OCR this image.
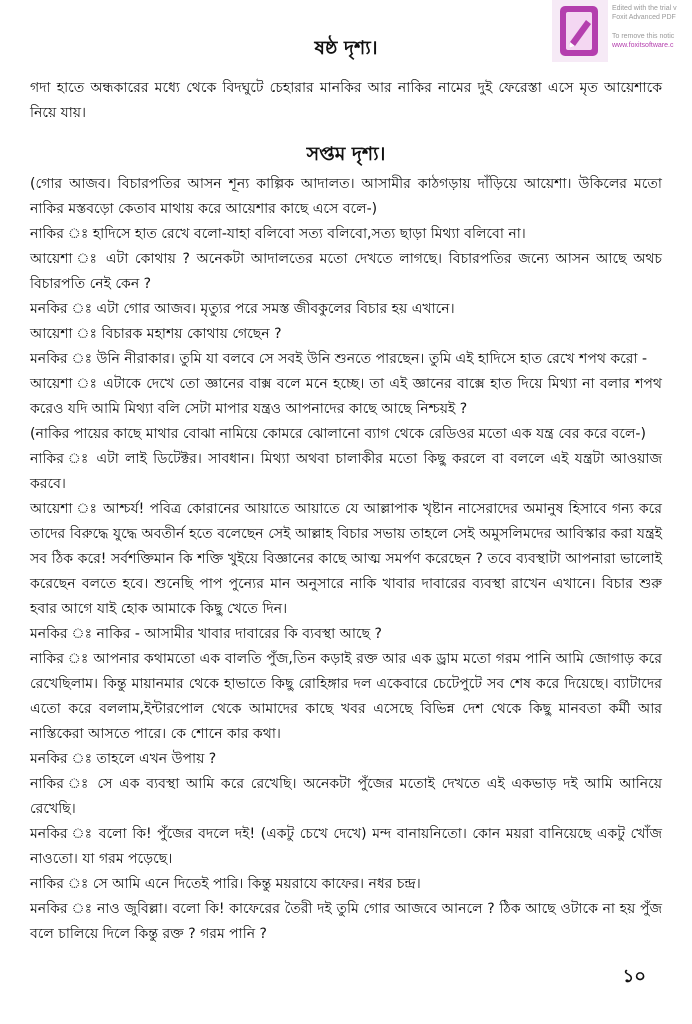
Edited with the trial v
Foxit Advanced PDF
To remove this notic
www.foxitsoftware.c
ষষ্ঠ দৃশ্য।

গদা হাতে অন্ধকারের মধ্যে থেকে বিদঘুটে চেহারার মানকির আর নাকির নামের দুই ফেরেস্তা এসে মৃত আয়েশাকে নিয়ে যায়।

সপ্তম দৃশ্য।

(গোর আজব। বিচারপতির আসন শূন্য কাল্পিক আদালত। আসামীর কাঠগড়ায় দাঁড়িয়ে আয়েশা। উকিলের মতো নাকির মস্তবড়ো কেতাব মাথায় করে আয়েশার কাছে এসে বলে-)

নাকির ঃ হাদিসে হাত রেখে বলো-যাহা বলিবো সত্য বলিবো,সত্য ছাড়া মিথ্যা বলিবো না।

আয়েশা ঃ এটা কোথায় ? অনেকটা আদালতের মতো দেখতে লাগছে। বিচারপতির জন্যে আসন আছে অথচ বিচারপতি নেই কেন ?

মনকির ঃ এটা গোর আজব। মৃত্যুর পরে সমস্ত জীবকুলের বিচার হয় এখানে।

আয়েশা ঃ বিচারক মহাশয় কোথায় গেছেন ?

মনকির ঃ উনি নীরাকার। তুমি যা বলবে সে সবই উনি শুনতে পারছেন। তুমি এই হাদিসে হাত রেখে শপথ করো -

আয়েশা ঃ এটাকে দেখে তো জ্ঞানের বাক্স বলে মনে হচ্ছে। তা এই জ্ঞানের বাক্সে হাত দিয়ে মিথ্যা না বলার শপথ করেও যদি আমি মিথ্যা বলি সেটা মাপার যন্ত্রও আপনাদের কাছে আছে নিশ্চয়ই ?

(নাকির পায়ের কাছে মাথার বোঝা নামিয়ে কোমরে ঝোলানো ব্যাগ থেকে রেডিওর মতো এক যন্ত্র বের করে বলে-)

নাকির ঃ এটা লাই ডিটেক্টর। সাবধান। মিথ্যা অথবা চালাকীর মতো কিছু করলে বা বললে এই যন্ত্রটা আওয়াজ করবে।

আয়েশা ঃ আশ্চর্য! পবিত্র কোরানের আয়াতে আয়াতে যে আল্লাপাক খৃষ্টান নাসেরাদের অমানুষ হিসাবে গন্য করে তাদের বিরুদ্ধে যুদ্ধে অবতীর্ন হতে বলেছেন সেই আল্লাহ বিচার সভায় তাহলে সেই অমুসলিমদের আবিস্কার করা যন্ত্রই সব ঠিক করে! সর্বশক্তিমান কি শক্তি খুইয়ে বিজ্ঞানের কাছে আত্ম সমর্পণ করেছেন ? তবে ব্যবস্থাটা আপনারা ভালোই করেছেন বলতে হবে। শুনেছি পাপ পুন্যের মান অনুসারে নাকি খাবার দাবারের ব্যবস্থা রাখেন এখানে। বিচার শুরু হবার আগে যাই হোক আমাকে কিছু খেতে দিন।

মনকির ঃ নাকির - আসামীর খাবার দাবারের কি ব্যবস্থা আছে ?

নাকির ঃ আপনার কথামতো এক বালতি পুঁজ,তিন কড়াই রক্ত আর এক ড্রাম মতো গরম পানি আমি জোগাড় করে রেখেছিলাম। কিন্তু মায়ানমার থেকে হাভাতে কিছু রোহিঙ্গার দল একেবারে চেটেপুটে সব শেষ করে দিয়েছে। ব্যাটাদের এতো করে বললাম,ইন্টারপোল থেকে আমাদের কাছে খবর এসেছে বিভিন্ন দেশ থেকে কিছু মানবতা কর্মী আর নাস্তিকেরা আসতে পারে। কে শোনে কার কথা।

মনকির ঃ তাহলে এখন উপায় ?

নাকির ঃ সে এক ব্যবস্থা আমি করে রেখেছি। অনেকটা পুঁজের মতোই দেখতে এই একভাড় দই আমি আনিয়ে রেখেছি।

মনকির ঃ বলো কি! পুঁজের বদলে দই! (একটু চেখে দেখে) মন্দ বানায়নিতো। কোন ময়রা বানিয়েছে একটু খোঁজ নাওতো। যা গরম পড়েছে।

নাকির ঃ সে আমি এনে দিতেই পারি। কিন্তু ময়রাযে কাফের। নধর চন্দ্র।

মনকির ঃ নাও জুবিল্লা। বলো কি! কাফেরের তৈরী দই তুমি গোর আজবে আনলে ? ঠিক আছে ওটাকে না হয় পুঁজ বলে চালিয়ে দিলে কিন্তু রক্ত ? গরম পানি ?

১০
